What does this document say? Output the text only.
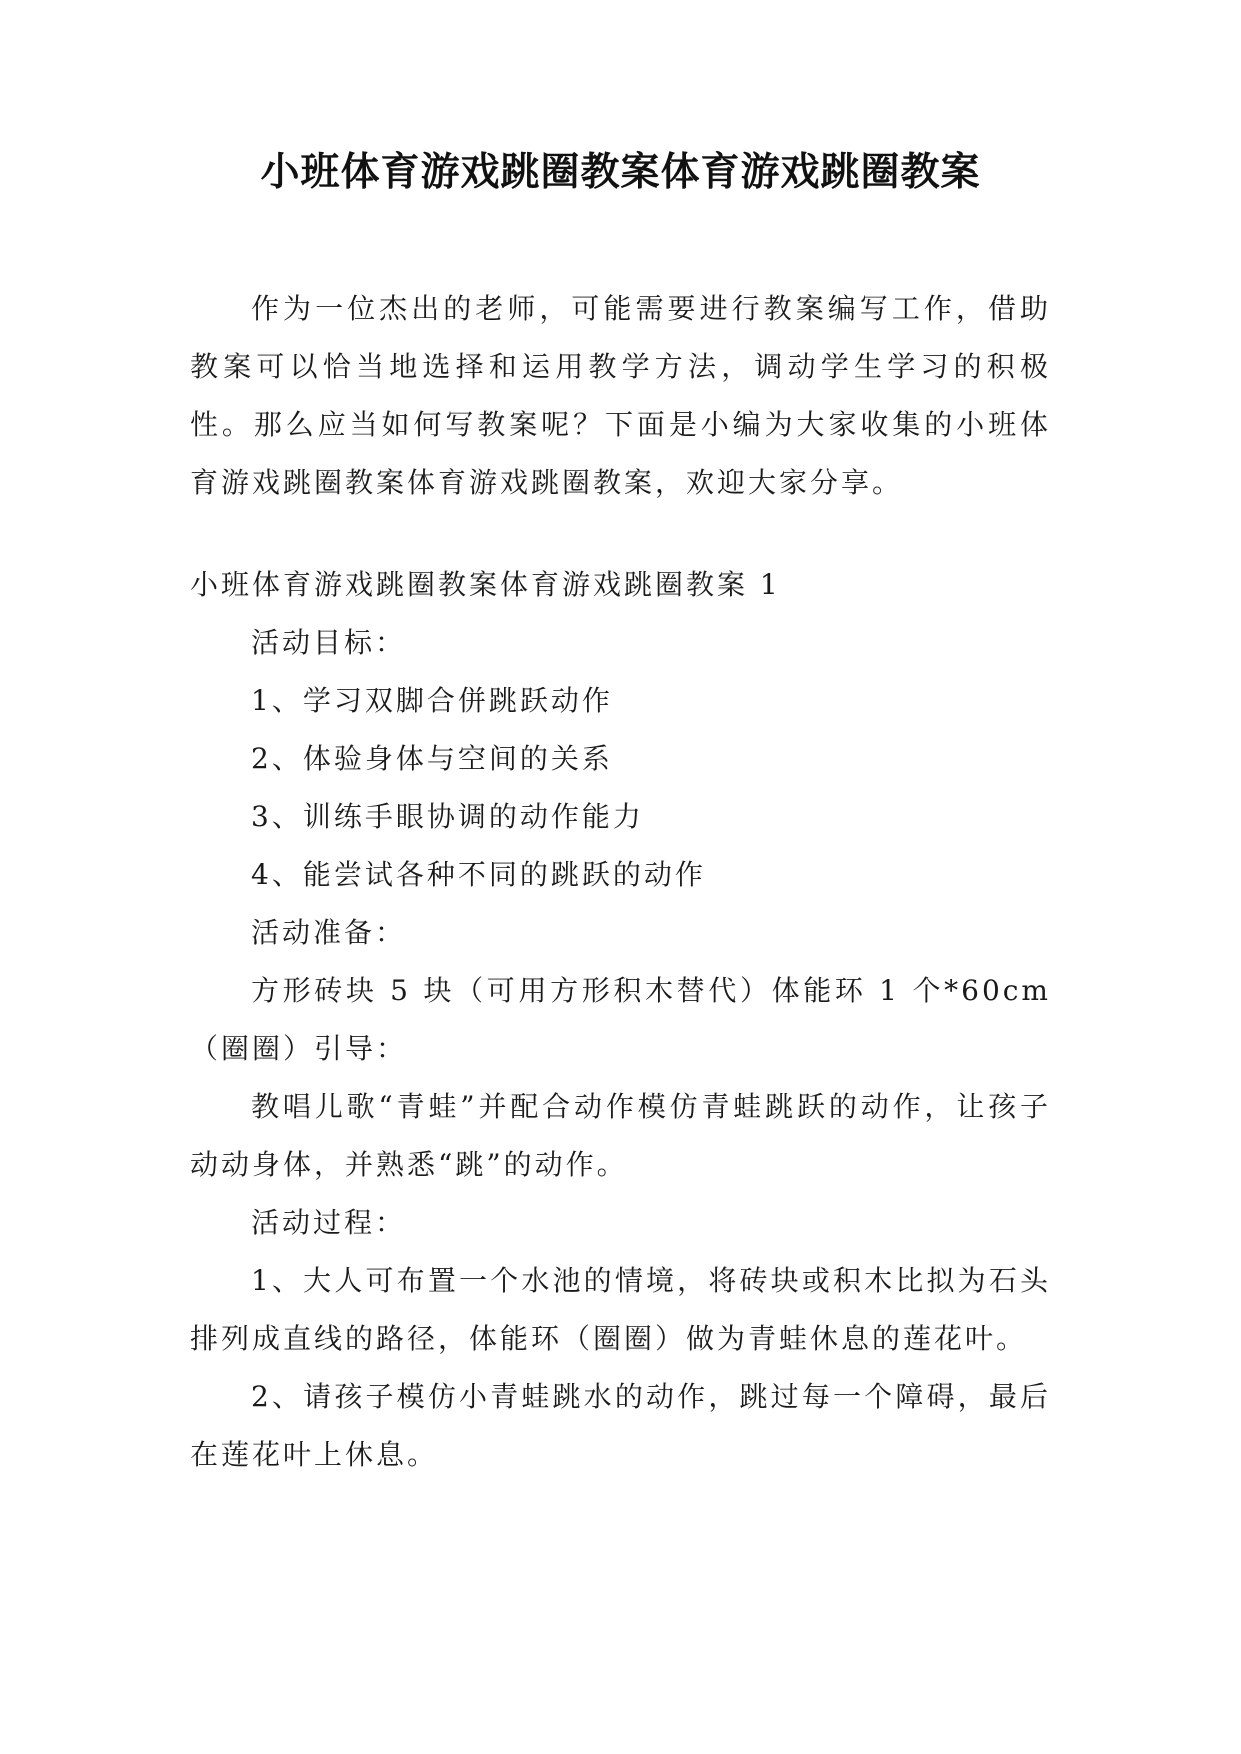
小班体育游戏跳圈教案体育游戏跳圈教案

作为一位杰出的老师，可能需要进行教案编写工作，借助教案可以恰当地选择和运用教学方法，调动学生学习的积极性。那么应当如何写教案呢？下面是小编为大家收集的小班体育游戏跳圈教案体育游戏跳圈教案，欢迎大家分享。

小班体育游戏跳圈教案体育游戏跳圈教案 1

活动目标：

1、学习双脚合併跳跃动作

2、体验身体与空间的关系

3、训练手眼协调的动作能力

4、能尝试各种不同的跳跃的动作

活动准备：

方形砖块 5 块（可用方形积木替代）体能环 1 个*60cm（圈圈）引导：

教唱儿歌“青蛙”并配合动作模仿青蛙跳跃的动作，让孩子动动身体，并熟悉“跳”的动作。

活动过程：

1、大人可布置一个水池的情境，将砖块或积木比拟为石头排列成直线的路径，体能环（圈圈）做为青蛙休息的莲花叶。

2、请孩子模仿小青蛙跳水的动作，跳过每一个障碍，最后在莲花叶上休息。
